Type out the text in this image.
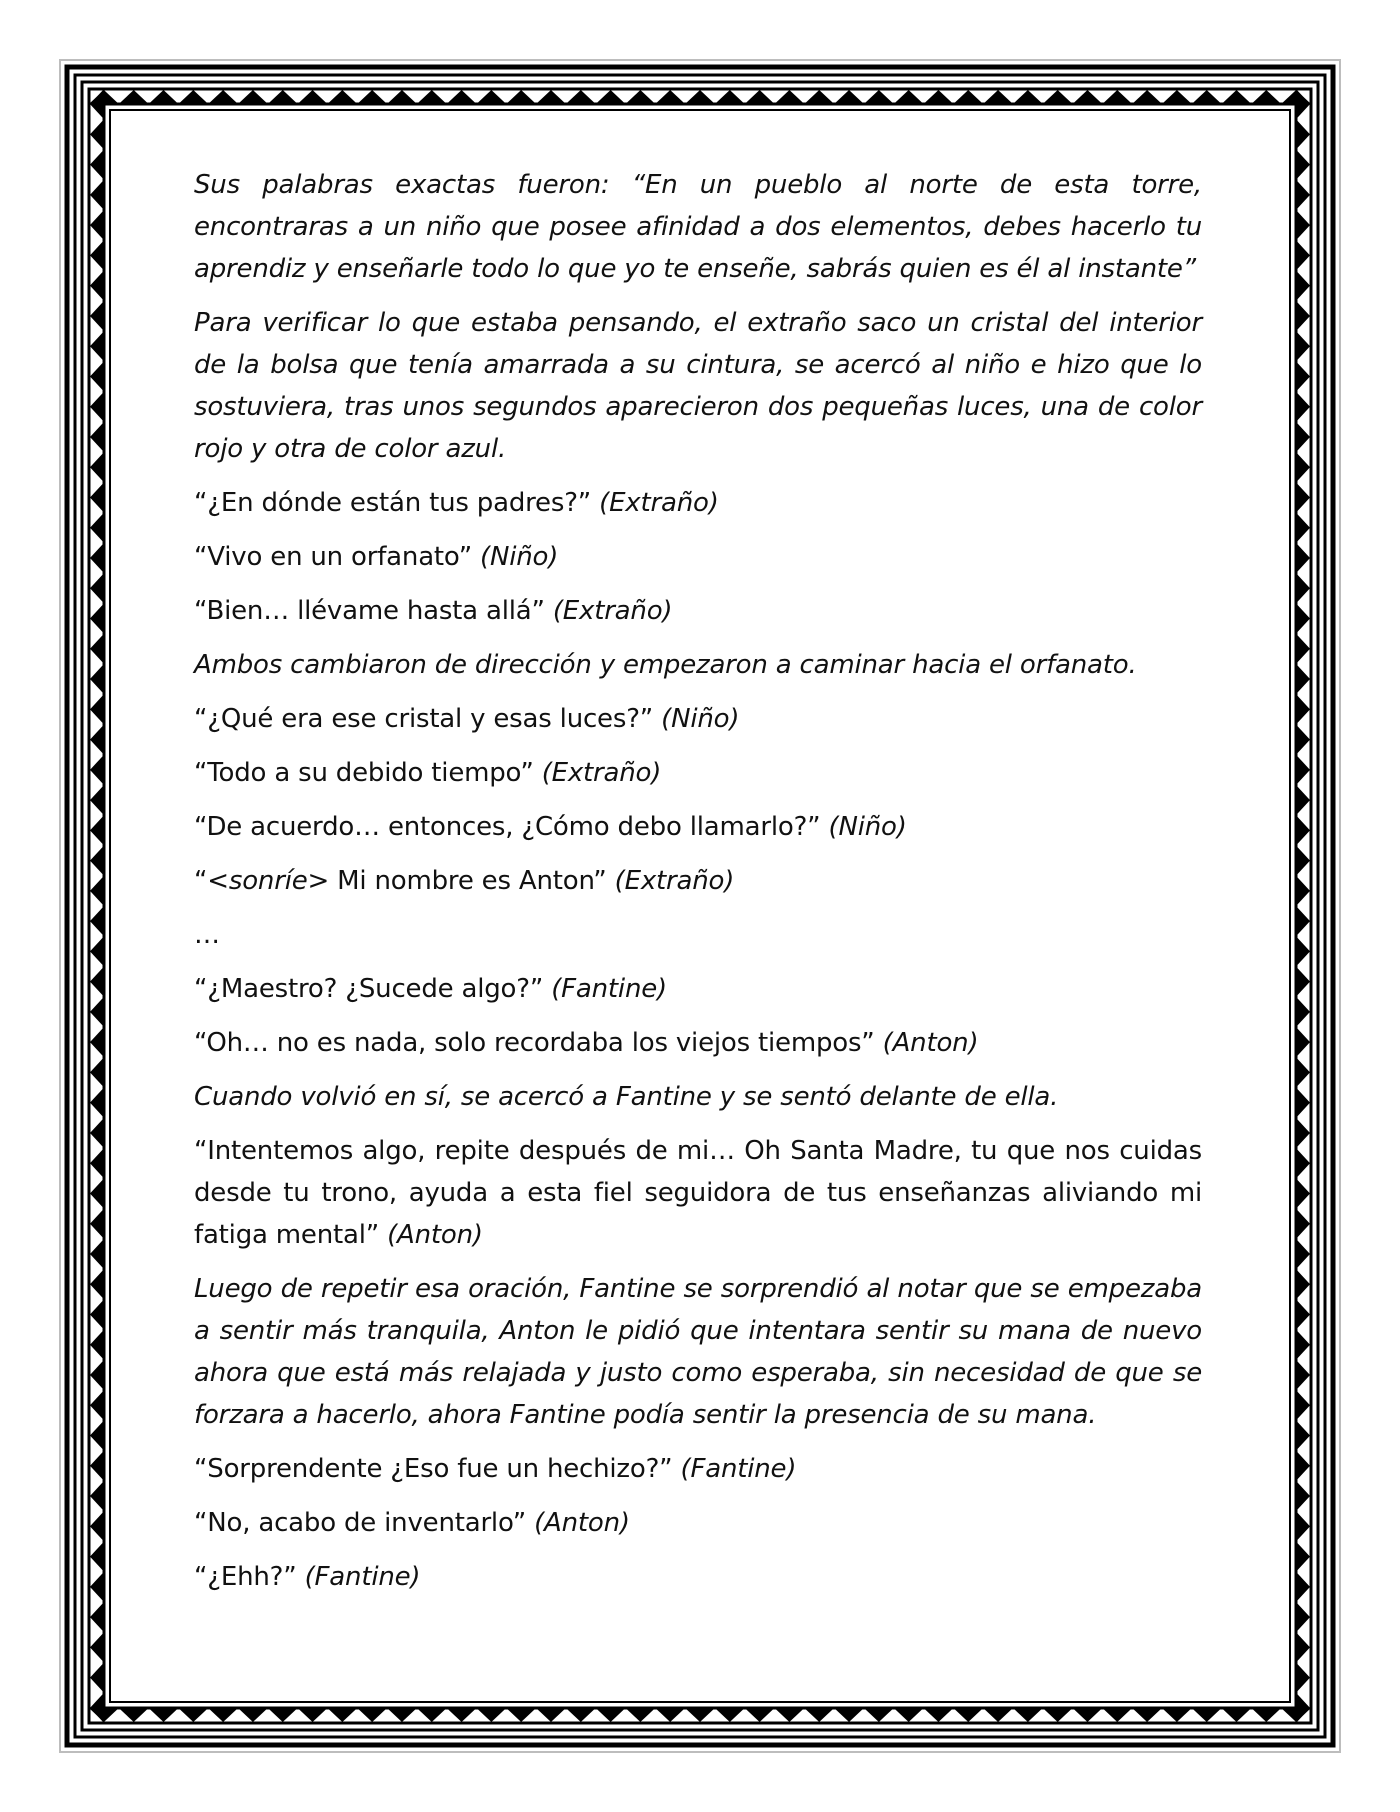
Sus palabras exactas fueron: “En un pueblo al norte de esta torre, encontraras a un niño que posee afinidad a dos elementos, debes hacerlo tu aprendiz y enseñarle todo lo que yo te enseñe, sabrás quien es él al instante”

Para verificar lo que estaba pensando, el extraño saco un cristal del interior de la bolsa que tenía amarrada a su cintura, se acercó al niño e hizo que lo sostuviera, tras unos segundos aparecieron dos pequeñas luces, una de color rojo y otra de color azul.

“¿En dónde están tus padres?” (Extraño)

“Vivo en un orfanato” (Niño)

“Bien… llévame hasta allá” (Extraño)

Ambos cambiaron de dirección y empezaron a caminar hacia el orfanato.

“¿Qué era ese cristal y esas luces?” (Niño)

“Todo a su debido tiempo” (Extraño)

“De acuerdo… entonces, ¿Cómo debo llamarlo?” (Niño)

“<sonríe> Mi nombre es Anton” (Extraño)

…

“¿Maestro? ¿Sucede algo?” (Fantine)

“Oh… no es nada, solo recordaba los viejos tiempos” (Anton)

Cuando volvió en sí, se acercó a Fantine y se sentó delante de ella.

“Intentemos algo, repite después de mi… Oh Santa Madre, tu que nos cuidas desde tu trono, ayuda a esta fiel seguidora de tus enseñanzas aliviando mi fatiga mental” (Anton)

Luego de repetir esa oración, Fantine se sorprendió al notar que se empezaba a sentir más tranquila, Anton le pidió que intentara sentir su mana de nuevo ahora que está más relajada y justo como esperaba, sin necesidad de que se forzara a hacerlo, ahora Fantine podía sentir la presencia de su mana.

“Sorprendente ¿Eso fue un hechizo?” (Fantine)

“No, acabo de inventarlo” (Anton)

“¿Ehh?” (Fantine)
